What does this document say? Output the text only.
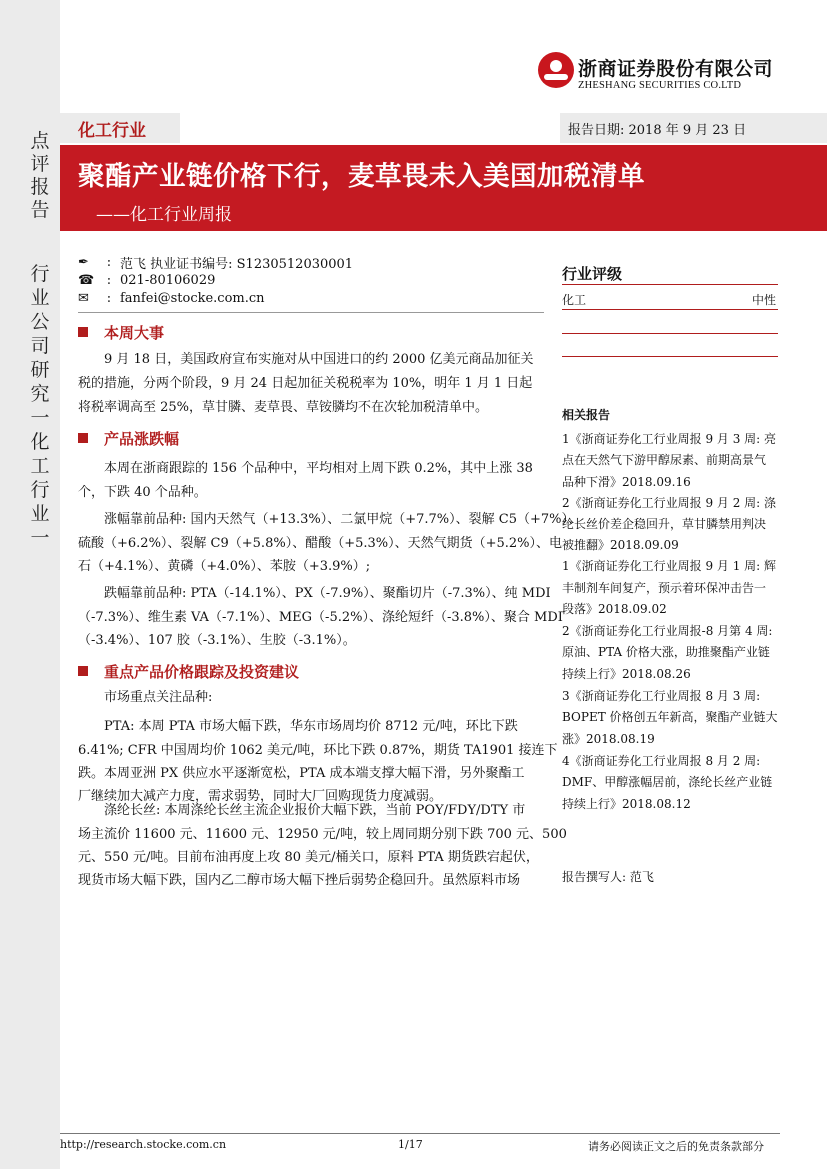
点
评
报
告
行
业
公
司
研
究
一
化
工
行
业
一
浙商证券股份有限公司
ZHESHANG SECURITIES CO.LTD
化工行业	报告日期: 2018 年 9 月 23 日
聚酯产业链价格下行，麦草畏未入美国加税清单
——化工行业周报
✒	: 范飞 执业证书编号: S1230512030001
☎ : 021-80106029
✉	: fanfei@stocke.com.cn
本周大事
9 月 18 日，美国政府宣布实施对从中国进口的约 2000 亿美元商品加征关
税的措施，分两个阶段，9 月 24 日起加征关税税率为 10%，明年 1 月 1 日起
将税率调高至 25%，草甘膦、麦草畏、草铵膦均不在次轮加税清单中。
产品涨跌幅
本周在浙商跟踪的 156 个品种中，平均相对上周下跌 0.2%，其中上涨 38
个，下跌 40 个品种。
涨幅靠前品种: 国内天然气（+13.3%）、二氯甲烷（+7.7%）、裂解 C5（+7%）、
硫酸（+6.2%）、裂解 C9（+5.8%）、醋酸（+5.3%）、天然气期货（+5.2%）、电
石（+4.1%）、黄磷（+4.0%）、苯胺（+3.9%）;
跌幅靠前品种: PTA（-14.1%）、PX（-7.9%）、聚酯切片（-7.3%）、纯 MDI
（-7.3%）、维生素 VA（-7.1%）、MEG（-5.2%）、涤纶短纤（-3.8%）、聚合 MDI
（-3.4%）、107 胶（-3.1%）、生胶（-3.1%）。
重点产品价格跟踪及投资建议
市场重点关注品种:
PTA: 本周 PTA 市场大幅下跌，华东市场周均价 8712 元/吨，环比下跌
6.41%; CFR 中国周均价 1062 美元/吨，环比下跌 0.87%，期货 TA1901 接连下
跌。本周亚洲 PX 供应水平逐渐宽松，PTA 成本端支撑大幅下滑，另外聚酯工
厂继续加大减产力度，需求弱势，同时大厂回购现货力度减弱。
涤纶长丝: 本周涤纶长丝主流企业报价大幅下跌，当前 POY/FDY/DTY 市
场主流价 11600 元、11600 元、12950 元/吨，较上周同期分别下跌 700 元、500
元、550 元/吨。目前布油再度上攻 80 美元/桶关口，原料 PTA 期货跌宕起伏，
现货市场大幅下跌，国内乙二醇市场大幅下挫后弱势企稳回升。虽然原料市场
行业评级
化工	中性
相关报告
1《浙商证券化工行业周报 9 月 3 周: 亮
点在天然气下游甲醇尿素、前期高景气
品种下滑》2018.09.16
2《浙商证券化工行业周报 9 月 2 周: 涤
纶长丝价差企稳回升，草甘膦禁用判决
被推翻》2018.09.09
1《浙商证券化工行业周报 9 月 1 周: 辉
丰制剂车间复产，预示着环保冲击告一
段落》2018.09.02
2《浙商证券化工行业周报-8 月第 4 周:
原油、PTA 价格大涨，助推聚酯产业链
持续上行》2018.08.26
3《浙商证券化工行业周报 8 月 3 周:
BOPET 价格创五年新高，聚酯产业链大
涨》2018.08.19
4《浙商证券化工行业周报 8 月 2 周:
DMF、甲醇涨幅居前，涤纶长丝产业链
持续上行》2018.08.12
报告撰写人: 范飞
http://research.stocke.com.cn	1/17	请务必阅读正文之后的免责条款部分
